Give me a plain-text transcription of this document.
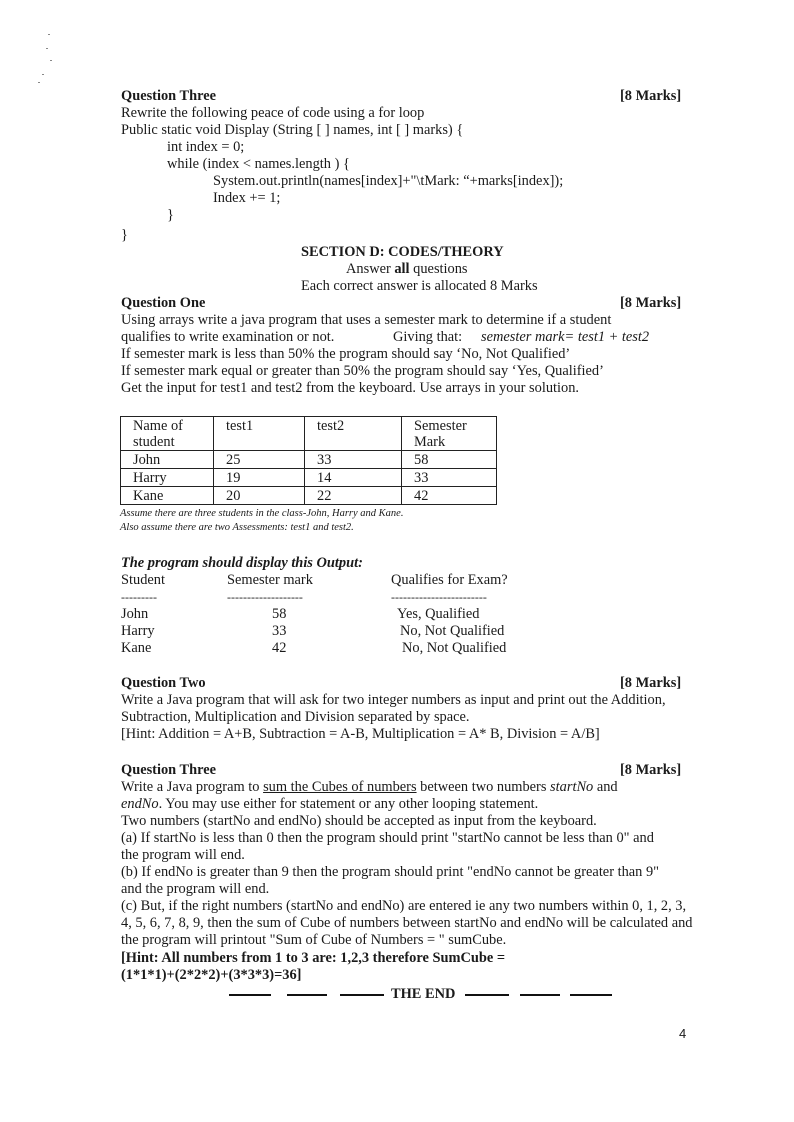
Question Three	[8 Marks]
Rewrite the following peace of code using a for loop
Public static void Display (String [ ] names, int [ ] marks) {
int index = 0;
while (index < names.length ) {
System.out.println(names[index]+"\tMark: “+marks[index]);
Index += 1;
}
}
SECTION D: CODES/THEORY
Answer all questions
Each correct answer is allocated 8 Marks
Question One	[8 Marks]
Using arrays write a java program that uses a semester mark to determine if a student
qualifies to write examination or not.	Giving that: semester mark= test1 + test2
If semester mark is less than 50% the program should say ‘No, Not Qualified’
If semester mark equal or greater than 50% the program should say ‘Yes, Qualified’
Get the input for test1 and test2 from the keyboard. Use arrays in your solution.
Name of student	test1	test2	Semester Mark
John	25	33	58
Harry	19	14	33
Kane	20	22	42
Assume there are three students in the class-John, Harry and Kane.
Also assume there are two Assessments: test1 and test2.
The program should display this Output:
Student	Semester mark	Qualifies for Exam?
---------	-------------------	------------------------
John	58	Yes, Qualified
Harry	33	No, Not Qualified
Kane	42	No, Not Qualified
Question Two	[8 Marks]
Write a Java program that will ask for two integer numbers as input and print out the Addition,
Subtraction, Multiplication and Division separated by space.
[Hint: Addition = A+B, Subtraction = A-B, Multiplication = A* B, Division = A/B]
Question Three	[8 Marks]
Write a Java program to sum the Cubes of numbers between two numbers startNo and
endNo. You may use either for statement or any other looping statement.
Two numbers (startNo and endNo) should be accepted as input from the keyboard.
(a) If startNo is less than 0 then the program should print "startNo cannot be less than 0" and
the program will end.
(b) If endNo is greater than 9 then the program should print "endNo cannot be greater than 9"
and the program will end.
(c) But, if the right numbers (startNo and endNo) are entered ie any two numbers within 0, 1, 2, 3,
4, 5, 6, 7, 8, 9, then the sum of Cube of numbers between startNo and endNo will be calculated and
the program will printout "Sum of Cube of Numbers = " sumCube.
[Hint: All numbers from 1 to 3 are: 1,2,3 therefore SumCube =
(1*1*1)+(2*2*2)+(3*3*3)=36]
THE END
4
